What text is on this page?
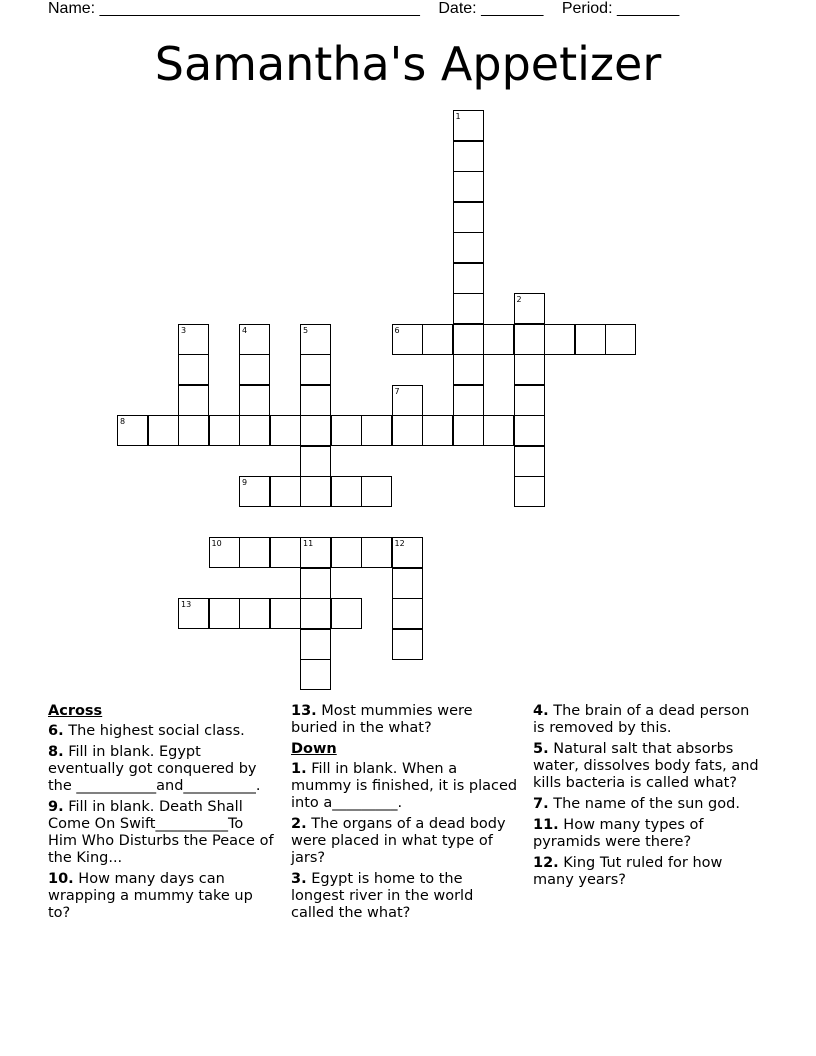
Name: ____________________________________ Date: _______ Period: _______
Samantha's Appetizer
1
2
3	4	5	6
7
8
9
10	11	12
13
Across
6. The highest social class.
8. Fill in blank. Egypt eventually got conquered by the ___________and__________.
9. Fill in blank. Death Shall Come On Swift__________To Him Who Disturbs the Peace of the King...
10. How many days can wrapping a mummy take up to?
13. Most mummies were buried in the what?
Down
1. Fill in blank. When a mummy is finished, it is placed into a_________.
2. The organs of a dead body were placed in what type of jars?
3. Egypt is home to the longest river in the world called the what?
4. The brain of a dead person is removed by this.
5. Natural salt that absorbs water, dissolves body fats, and kills bacteria is called what?
7. The name of the sun god.
11. How many types of pyramids were there?
12. King Tut ruled for how many years?
